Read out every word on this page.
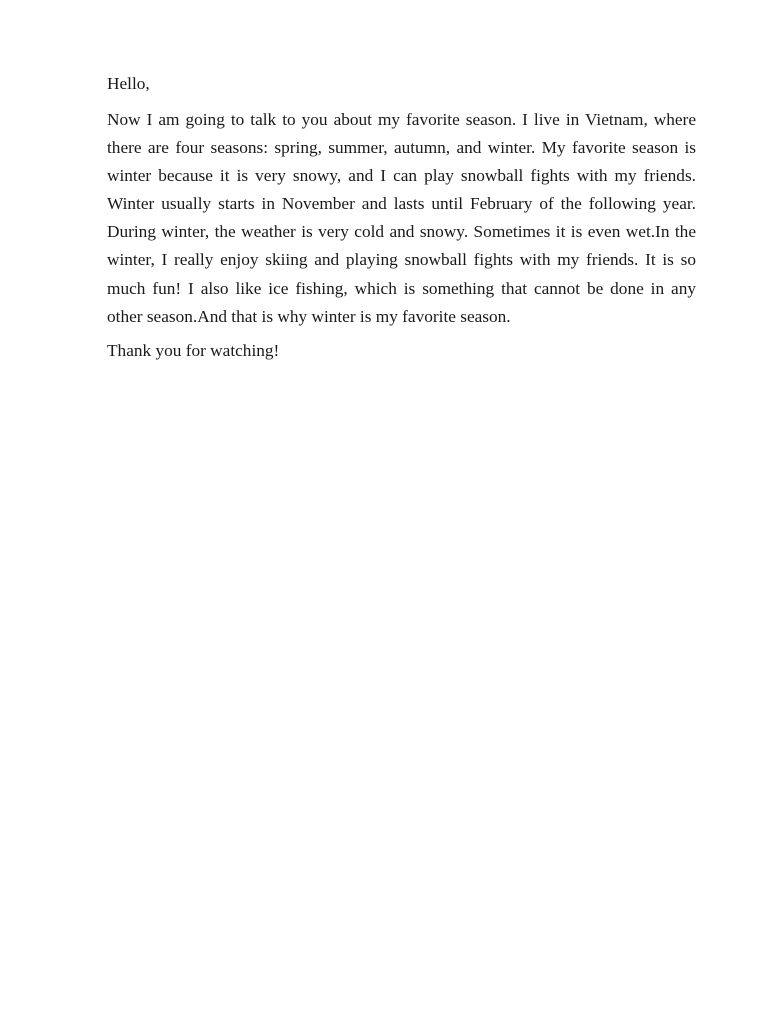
Hello,

Now I am going to talk to you about my favorite season. I live in Vietnam, where there are four seasons: spring, summer, autumn, and winter. My favorite season is winter because it is very snowy, and I can play snowball fights with my friends. Winter usually starts in November and lasts until February of the following year. During winter, the weather is very cold and snowy. Sometimes it is even wet.In the winter, I really enjoy skiing and playing snowball fights with my friends. It is so much fun! I also like ice fishing, which is something that cannot be done in any other season.And that is why winter is my favorite season.

Thank you for watching!
